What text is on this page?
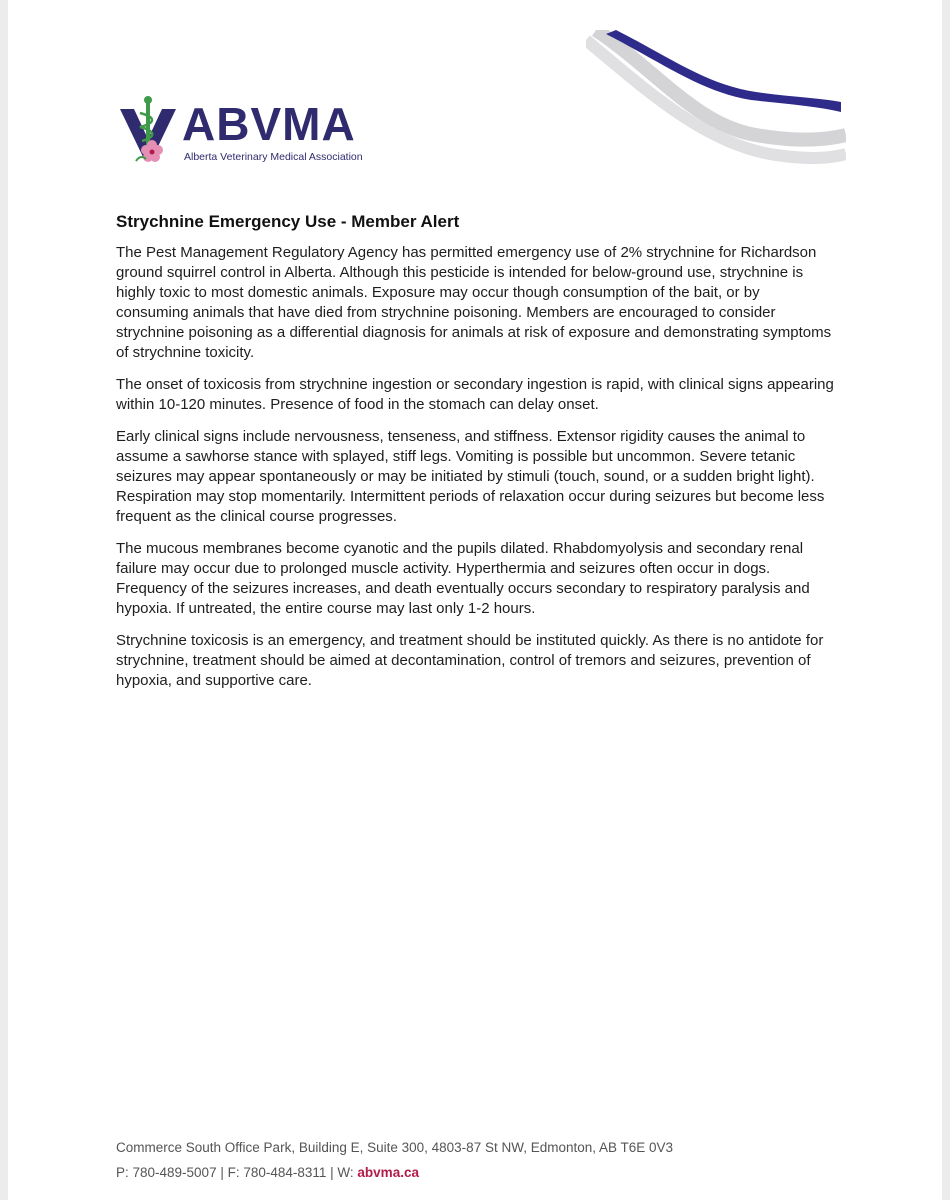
ABVMA
Alberta Veterinary Medical Association
Strychnine Emergency Use - Member Alert

The Pest Management Regulatory Agency has permitted emergency use of 2% strychnine for Richardson ground squirrel control in Alberta. Although this pesticide is intended for below-ground use, strychnine is highly toxic to most domestic animals. Exposure may occur though consumption of the bait, or by consuming animals that have died from strychnine poisoning. Members are encouraged to consider strychnine poisoning as a differential diagnosis for animals at risk of exposure and demonstrating symptoms of strychnine toxicity.

The onset of toxicosis from strychnine ingestion or secondary ingestion is rapid, with clinical signs appearing within 10-120 minutes. Presence of food in the stomach can delay onset.

Early clinical signs include nervousness, tenseness, and stiffness. Extensor rigidity causes the animal to assume a sawhorse stance with splayed, stiff legs. Vomiting is possible but uncommon. Severe tetanic seizures may appear spontaneously or may be initiated by stimuli (touch, sound, or a sudden bright light). Respiration may stop momentarily. Intermittent periods of relaxation occur during seizures but become less frequent as the clinical course progresses.

The mucous membranes become cyanotic and the pupils dilated. Rhabdomyolysis and secondary renal failure may occur due to prolonged muscle activity. Hyperthermia and seizures often occur in dogs. Frequency of the seizures increases, and death eventually occurs secondary to respiratory paralysis and hypoxia. If untreated, the entire course may last only 1-2 hours.

Strychnine toxicosis is an emergency, and treatment should be instituted quickly. As there is no antidote for strychnine, treatment should be aimed at decontamination, control of tremors and seizures, prevention of hypoxia, and supportive care.

Commerce South Office Park, Building E, Suite 300, 4803-87 St NW, Edmonton, AB T6E 0V3
P: 780-489-5007 | F: 780-484-8311 | W: abvma.ca
